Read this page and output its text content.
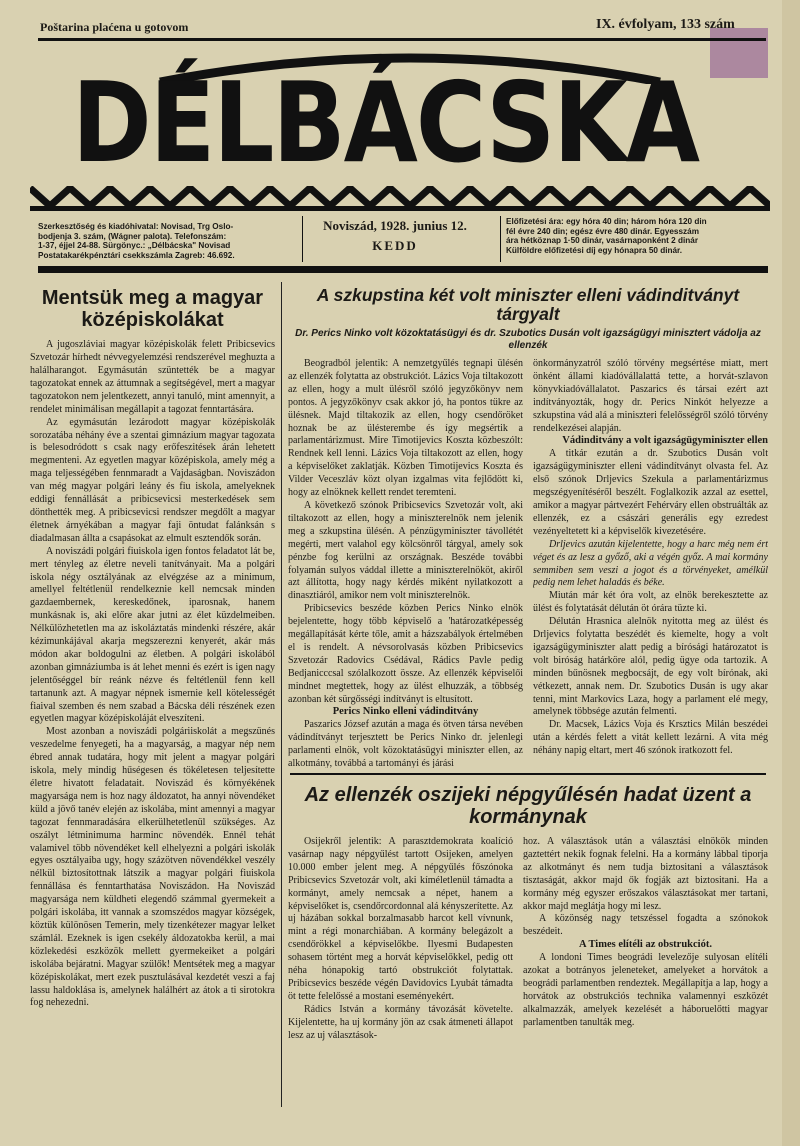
Poštarina plaćena u gotovom	IX. évfolyam, 133 szám
DÉLBÁCSKA
Szerkesztőség és kiadóhivatal: Novisad, Trg Oslo-
bodjenja 3. szám, (Wágner palota). Telefonszám:
1-37, éjjel 24-88. Sürgönyc.: „Délbácska" Novisad
Postatakarékpénztári csekkszámla Zagreb: 46.692.
Noviszád, 1928. junius 12.
KEDD
Előfizetési ára: egy hóra 40 din; három hóra 120 din
fél évre 240 din; egész évre 480 dinár. Egyesszám
ára hétköznap 1·50 dinár, vasárnaponként 2 dinár
Külföldre előfizetési díj egy hónapra 50 dinár.
Mentsük meg a magyar középiskolákat

A jugoszláviai magyar középiskolák felett Pribicsevics Szvetozár hírhedt névvegyelemzési rendszerével meghuzta a halálharangot. Egymásután szüntették be a magyar tagozatokat ennek az áttumnak a segítségével, mert a magyar tagozatokon nem jelentkezett, annyi tanuló, mint amennyit, a rendelet minimálisan megállapit a tagozat fenntartására.

Az egymásután lezárodott magyar középiskolák sorozatába néhány éve a szentai gimnázium magyar tagozata is belesodródott s csak nagy erőfeszitések árán lehetett megmenteni. Az egyetlen magyar középiskola, amely még a maga teljességében fennmaradt a Vajdaságban. Noviszádon van még magyar polgári leány és fiu iskola, amelyeknek eddigi fennállását a pribicsevicsi mesterkedések sem dönthették meg. A pribicsevicsi rendszer megdőlt a magyar életnek árnyékában a magyar faji öntudat falánksán s diadalmasan állta a csapásokat az elmult esztendők során.

A noviszádi polgári fiuiskola igen fontos feladatot lát be, mert tényleg az életre neveli tanítványait. Ma a polgári iskola négy osztályának az elvégzése az a minimum, amellyel feltétlenül rendelkeznie kell nemcsak minden gazdaembernek, kereskedőnek, iparosnak, hanem munkásnak is, aki előre akar jutni az élet küzdelmeiben. Nélkülözhetetlen ma az iskoláztatás mindenki részére, akár kézimunkájával akarja megszerezni kenyerét, akár más módon akar boldogulni az életben. A polgári iskolából azonban gimnáziumba is át lehet menni és ezért is igen nagy jelentőséggel bír reánk nézve és feltétlenül fenn kell tartanunk azt. A magyar népnek ismernie kell kötelességét fiaival szemben és nem szabad a Bácska déli részének ezen egyetlen magyar középiskoláját elveszíteni.

Most azonban a noviszádi polgáriiskolát a megszünés veszedelme fenyegeti, ha a magyarság, a magyar nép nem ébred annak tudatára, hogy mit jelent a magyar polgári iskola, mely mindig hűségesen és tökéletesen teljesítette életre hivatott feladatait. Noviszád és környékének magyarsága nem is hoz nagy áldozatot, ha annyi növendéket küld a jövő tanév elején az iskolába, mint amennyi a magyar tagozat fennmaradására elkerülhetetlenül szükséges. Az oszályt létminimuma harminc növendék. Ennél tehát valamivel több növendéket kell elhelyezni a polgári iskolák egyes osztályaiba ugy, hogy százötven növendékkel veszély nélkül biztosítottnak látszik a magyar polgári fiuiskola fennállása és fenntarthatása Noviszádon. Ha Noviszád magyarsága nem küldheti elegendő számmal gyermekeit a polgári iskolába, itt vannak a szomszédos magyar községek, köztük különösen Temerin, mely tizenkétezer magyar lelket számlál. Ezeknek is igen csekély áldozatokba kerül, a mai közlekedési eszközök mellett gyermekeiket a polgári iskolába bejáratni. Magyar szülők! Mentsétek meg a magyar középiskolákat, mert ezek pusztulásával kezdetét veszi a faj lassu haldoklása is, amelynek halálhért az átok a ti sirotokra fog nehezedni.

A szkupstina két volt miniszter elleni vádinditványt tárgyalt
Dr. Perics Ninko volt közoktatásügyi és dr. Szubotics Dusán volt igazságügyi minisztert vádolja az ellenzék

Beogradból jelentik: A nemzetgyűlés tegnapi ülésén az ellenzék folytatta az obstrukciót. Lázics Voja tiltakozott az ellen, hogy a mult ülésről szóló jegyzőkönyv nem pontos. A jegyzőkönyv csak akkor jó, ha pontos tükre az ülésnek. Majd tiltakozik az ellen, hogy csendőröket hoznak be az ülésterembe és így megsértik a parlamentárizmust. Mire Timotijevics Koszta közbeszólt: Rendnek kell lenni. Lázics Voja tiltakozott az ellen, hogy a képviselőket zaklatják. Közben Timotijevics Koszta és Vilder Veceszláv közt olyan izgalmas vita fejlődött ki, hogy az elnöknek kellett rendet teremteni.

A következő szónok Pribicsevics Szvetozár volt, aki tiltakozott az ellen, hogy a miniszterelnök nem jelenik meg a szkupstina ülésén. A pénzügyminiszter távollétét megérti, mert valahol egy kölcsönről tárgyal, amely sok pénzbe fog kerülni az országnak. Beszéde további folyamán sulyos váddal illette a miniszterelnököt, akiről azt állította, hogy nagy kérdés miként nyilatkozott a dinasztiáról, amikor nem volt miniszterelnök.

Pribicsevics beszéde közben Perics Ninko elnök bejelentette, hogy több képviselő a 'határozatképesség megállapítását kérte tőle, amit a házszabályok értelmében el is rendelt. A névsorolvasás közben Pribicsevics Szvetozár Radovics Csédával, Rádics Pavle pedig Bedjanicccsal szólalkozott össze. Az ellenzék képviselői mindnet megtettek, hogy az ülést elhuzzák, a többség azonban két sürgősségi indítványt is eltusított.

Perics Ninko elleni vádinditvány

Paszarics József azután a maga és ötven társa nevében vádindítványt terjesztett be Perics Ninko dr. jelenlegi parlamenti elnök, volt közoktatásügyi miniszter ellen, az alkotmány, továbbá a tartományi és járási

önkormányzatról szóló törvény megsértése miatt, mert önként állami kiadóvállalattá tette, a horvát-szlavon könyvkiadóvállalatot. Paszarics és társai ezért azt indítványozták, hogy dr. Perics Ninkót helyezze a szkupstina vád alá a miniszteri felelősségről szóló törvény rendelkezései alapján.

Vádinditvány a volt igazságügyminiszter ellen

A titkár ezután a dr. Szubotics Dusán volt igazságügyminiszter elleni vádindítványt olvasta fel. Az első szónok Drljevics Szekula a parlamentárizmus megszégyenítéséről beszélt. Foglalkozik azzal az esettel, amikor a magyar pártvezért Fehérváry ellen obstruálták az ellenzék, ez a császári generális egy ezredest vezényeltetett ki a képviselők kivezetésére.

Drljevics azután kijelentette, hogy a harc még nem ért véget és az lesz a győző, aki a végén győz. A mai kormány semmiben sem veszi a jogot és a törvényeket, amélkül pedig nem lehet haladás és béke.

Miután már két óra volt, az elnök berekesztette az ülést és folytatását délután öt órára tüzte ki.

Délután Hrasnica alelnök nyitotta meg az ülést és Drljevics folytatta beszédét és kiemelte, hogy a volt igazságügyminiszter alatt pedig a bírósági határozatot is volt biróság határköre alól, pedig ügye oda tartozik. A minden bűnösnek megbocsájt, de egy volt bírónak, aki vétkezett, annak nem. Dr. Szubotics Dusán is ugy akar tenni, mint Markovics Laza, hogy a parlament elé megy, amelynek többsége azután felmenti.

Dr. Macsek, Lázics Voja és Krsztics Milán beszédei után a kérdés felett a vitát kellett lezárni. A vita még néhány napig eltart, mert 46 szónok iratkozott fel.

Az ellenzék oszijeki népgyűlésén hadat üzent a kormánynak

Osijekről jelentik: A parasztdemokrata koalíció vasárnap nagy népgyűlést tartott Osijeken, amelyen 10.000 ember jelent meg. A népgyűlés főszónoka Pribicsevics Szvetozár volt, aki kíméletlenül támadta a kormányt, amely nemcsak a népet, hanem a képviselőket is, csendőrcordonnal alá kényszerítette. Az uj házában sokkal borzalmasabb harcot kell vívnunk, mint a régi monarchiában. A kormány belegázolt a csendőrökkel a képviselőkbe. Ilyesmi Budapesten sohasem történt meg a horvát képviselőkkel, pedig ott néha hónapokig tartó obstrukciót folytattak. Pribicsevics beszéde végén Davidovics Lyubát támadta öt tette felelőssé a mostani eseményekért.

Rádics István a kormány távozását követelte. Kijelentette, ha uj kormány jön az csak átmeneti állapot lesz az uj választások-

hoz. A választások után a választási elnökök minden gaztettért nekik fognak felelni. Ha a kormány lábbal tiporja az alkotmányt és nem tudja biztositani a választások tisztaságát, akkor majd ők fogják azt biztositani. Ha a kormány még egyszer erőszakos választásokat mer tartani, akkor majd meglátja hogy mi lesz.

A közönség nagy tetszéssel fogadta a szónokok beszédeit.

A Times elítéli az obstrukciót.

A londoni Times beográdi levelezője sulyosan elítéli azokat a botrányos jeleneteket, amelyeket a horvátok a beográdi parlamentben rendeztek. Megállapítja a lap, hogy a horvátok az obstrukciós technika valamennyi eszközét alkalmazzák, amelyek kezelését a háboruelőtti magyar parlamentben tanulták meg.
